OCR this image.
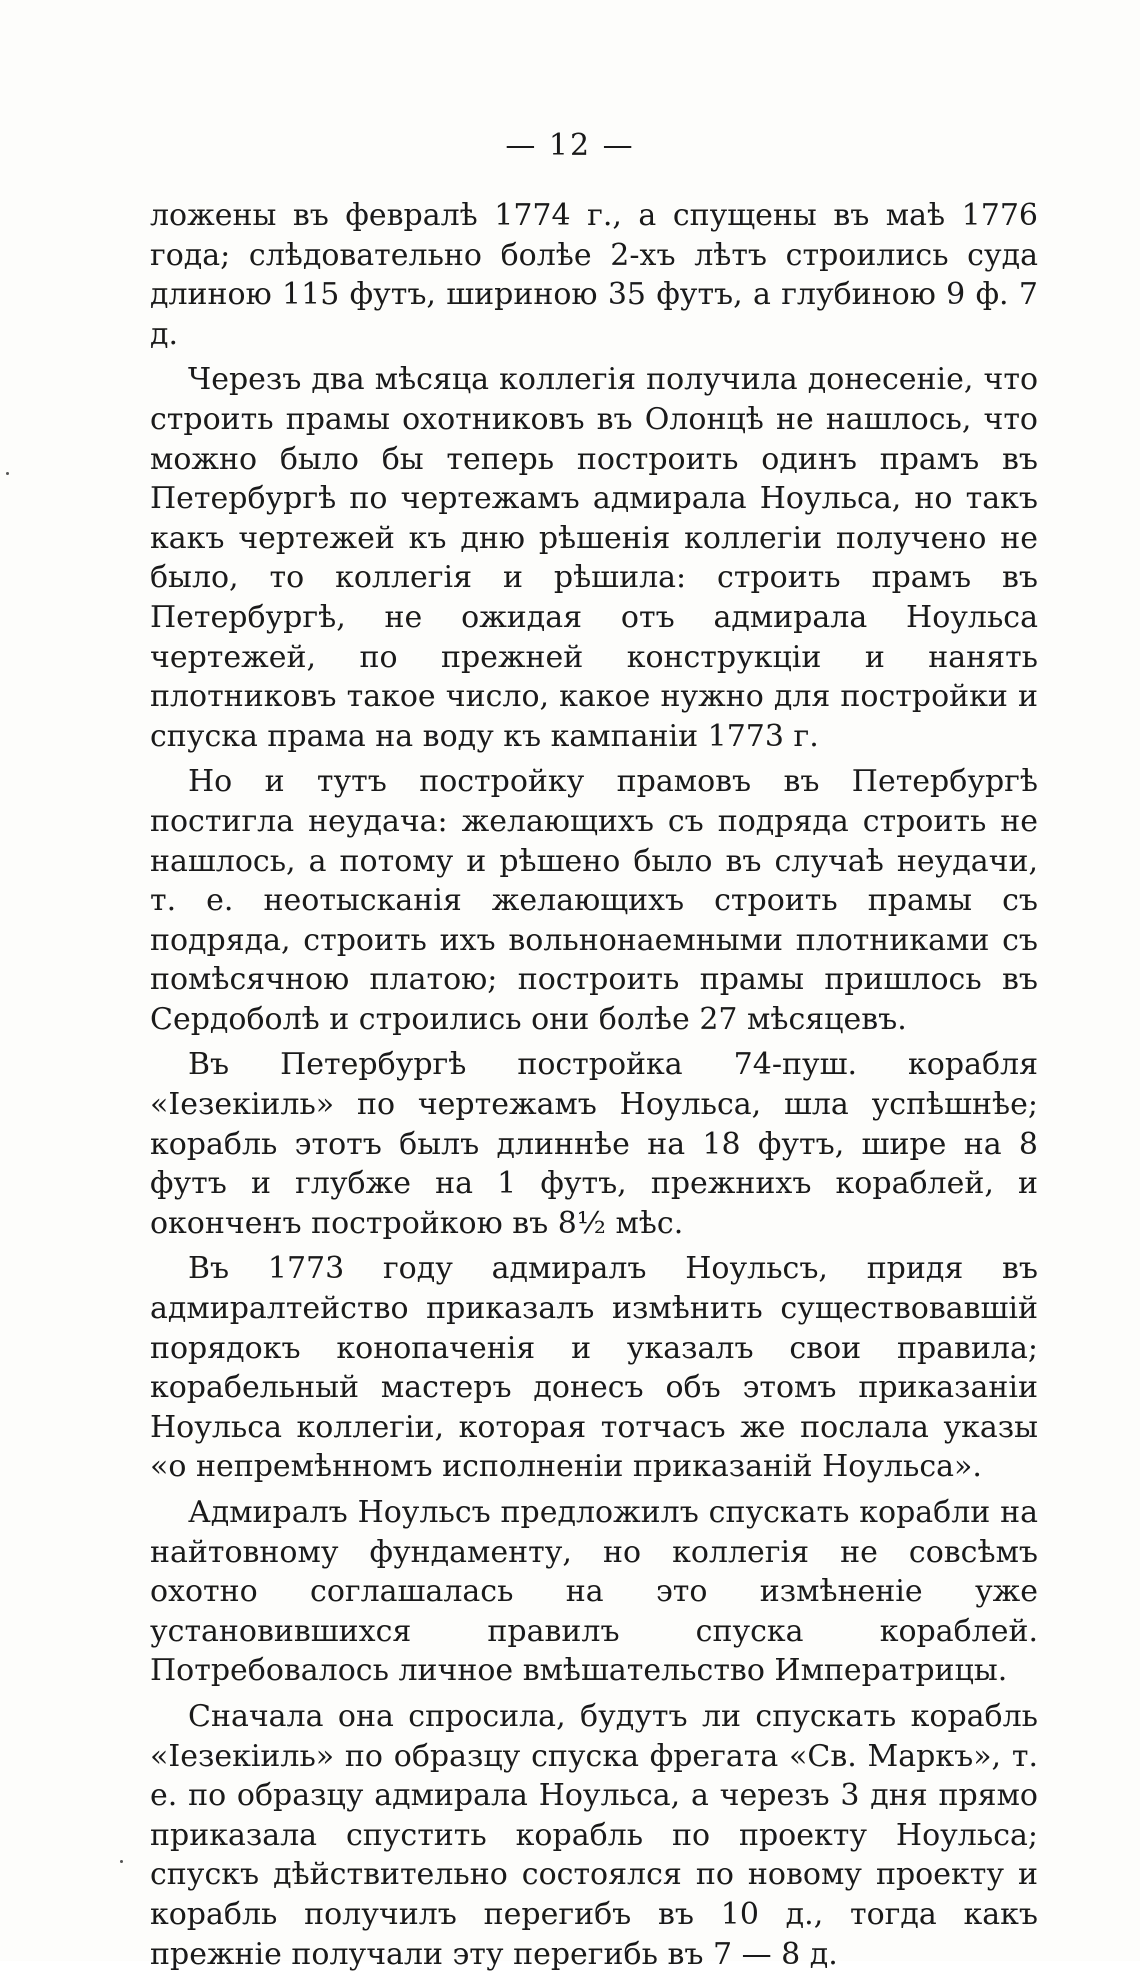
— 12 —

ложены въ февралѣ 1774 г., а спущены въ маѣ 1776 года; слѣдовательно болѣе 2-хъ лѣтъ строились суда длиною 115 футъ, шириною 35 футъ, а глубиною 9 ф. 7 д.

Черезъ два мѣсяца коллегія получила донесеніе, что строить прамы охотниковъ въ Олонцѣ не нашлось, что можно было бы теперь построить одинъ прамъ въ Петербургѣ по чертежамъ адмирала Ноульса, но такъ какъ чертежей къ дню рѣшенія коллегіи получено не было, то коллегія и рѣшила: строить прамъ въ Петербургѣ, не ожидая отъ адмирала Ноульса чертежей, по прежней конструкціи и нанять плотниковъ такое число, какое нужно для постройки и спуска прама на воду къ кампаніи 1773 г.

Но и тутъ постройку прамовъ въ Петербургѣ постигла неудача: желающихъ съ подряда строить не нашлось, а потому и рѣшено было въ случаѣ неудачи, т. е. неотысканія желающихъ строить прамы съ подряда, строить ихъ вольнонаемными плотниками съ помѣсячною платою; построить прамы пришлось въ Сердоболѣ и строились они болѣе 27 мѣсяцевъ.

Въ Петербургѣ постройка 74-пуш. корабля «Іезекіиль» по чертежамъ Ноульса, шла успѣшнѣе; корабль этотъ былъ длиннѣе на 18 футъ, шире на 8 футъ и глубже на 1 футъ, прежнихъ кораблей, и оконченъ постройкою въ 8½ мѣс.

Въ 1773 году адмиралъ Ноульсъ, придя въ адмиралтейство приказалъ измѣнить существовавшій порядокъ конопаченія и указалъ свои правила; корабельный мастеръ донесъ объ этомъ приказаніи Ноульса коллегіи, которая тотчасъ же послала указы «о непремѣнномъ исполненіи приказаній Ноульса».

Адмиралъ Ноульсъ предложилъ спускать корабли на найтовному фундаменту, но коллегія не совсѣмъ охотно соглашалась на это измѣненіе уже установившихся правилъ спуска кораблей. Потребовалось личное вмѣшательство Императрицы.

Сначала она спросила, будутъ ли спускать корабль «Іезекіиль» по образцу спуска фрегата «Св. Маркъ», т. е. по образцу адмирала Ноульса, а черезъ 3 дня прямо приказала спустить корабль по проекту Ноульса; спускъ дѣйствительно состоялся по новому проекту и корабль получилъ перегибъ въ 10 д., тогда какъ прежніе получали эту перегибь въ 7 — 8 д.
